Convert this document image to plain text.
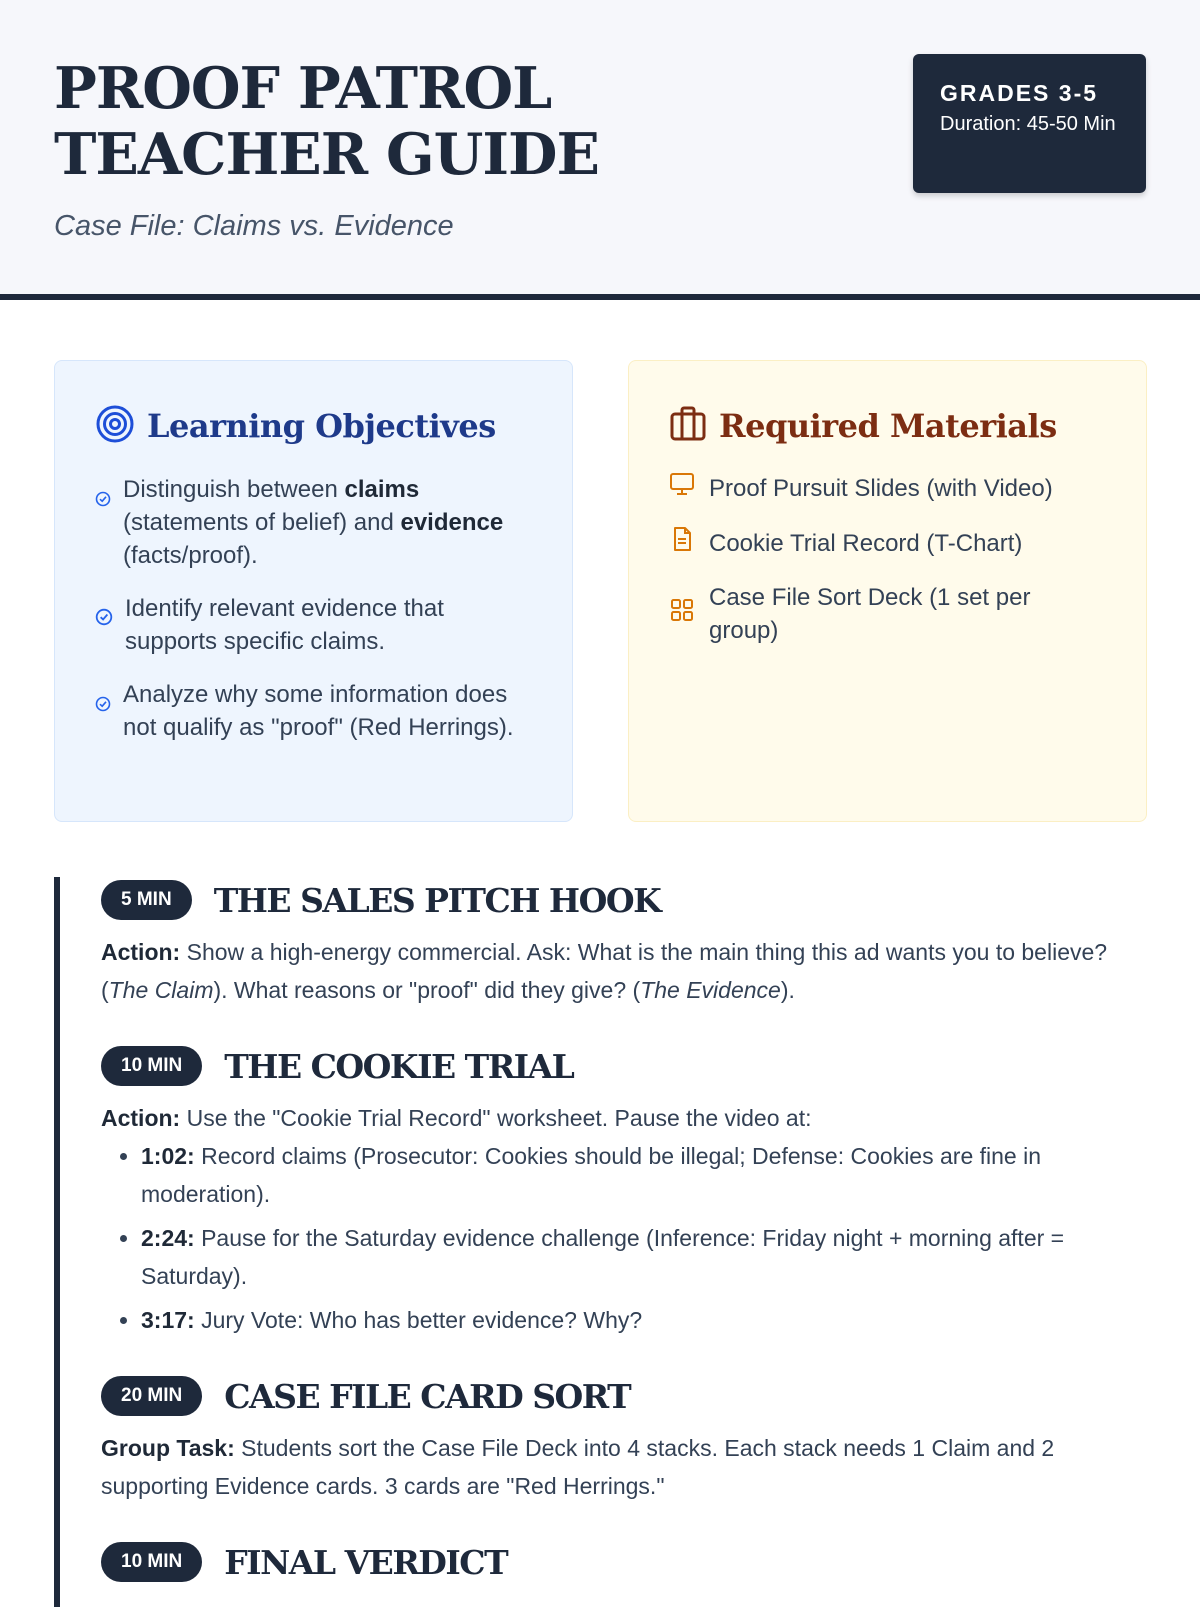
PROOF PATROL TEACHER GUIDE
Case File: Claims vs. Evidence
GRADES 3-5
Duration: 45-50 Min
Learning Objectives
Distinguish between claims (statements of belief) and evidence (facts/proof).
Identify relevant evidence that supports specific claims.
Analyze why some information does not qualify as "proof" (Red Herrings).
Required Materials
Proof Pursuit Slides (with Video)
Cookie Trial Record (T-Chart)
Case File Sort Deck (1 set per group)
5 MIN	THE SALES PITCH HOOK

Action: Show a high-energy commercial. Ask: What is the main thing this ad wants you to believe? (The Claim). What reasons or "proof" did they give? (The Evidence).

10 MIN	THE COOKIE TRIAL

Action: Use the "Cookie Trial Record" worksheet. Pause the video at:

• 1:02: Record claims (Prosecutor: Cookies should be illegal; Defense: Cookies are fine in moderation).
• 2:24: Pause for the Saturday evidence challenge (Inference: Friday night + morning after = Saturday).
• 3:17: Jury Vote: Who has better evidence? Why?
20 MIN	CASE FILE CARD SORT

Group Task: Students sort the Case File Deck into 4 stacks. Each stack needs 1 Claim and 2 supporting Evidence cards. 3 cards are "Red Herrings."

10 MIN	FINAL VERDICT
